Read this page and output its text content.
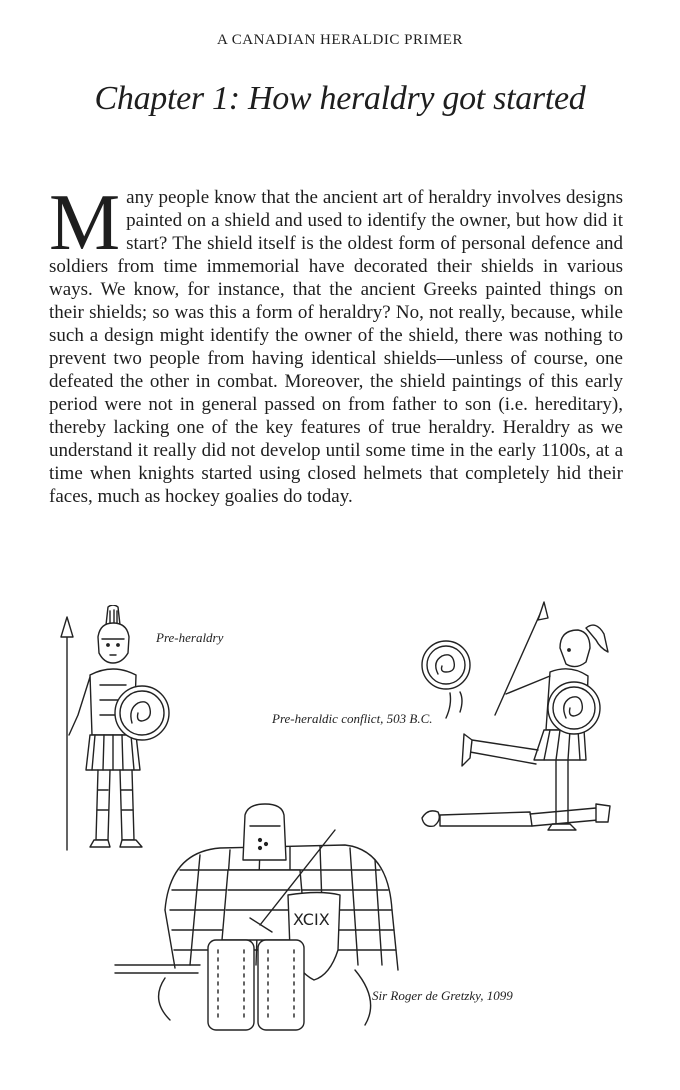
A CANADIAN HERALDIC PRIMER
Chapter 1: How heraldry got started
Many people know that the ancient art of heraldry involves designs painted on a shield and used to identify the owner, but how did it start? The shield itself is the oldest form of personal defence and soldiers from time immemorial have decorated their shields in various ways. We know, for instance, that the ancient Greeks painted things on their shields; so was this a form of heraldry? No, not really, because, while such a design might identify the owner of the shield, there was nothing to prevent two people from having identical shields—unless of course, one defeated the other in combat. Moreover, the shield paintings of this early period were not in general passed on from father to son (i.e. hereditary), thereby lacking one of the key features of true heraldry. Heraldry as we understand it really did not develop until some time in the early 1100s, at a time when knights started using closed helmets that completely hid their faces, much as hockey goalies do today.
Pre-heraldry
Pre-heraldic conflict, 503 B.C.
XCIX
Sir Roger de Gretzky, 1099
